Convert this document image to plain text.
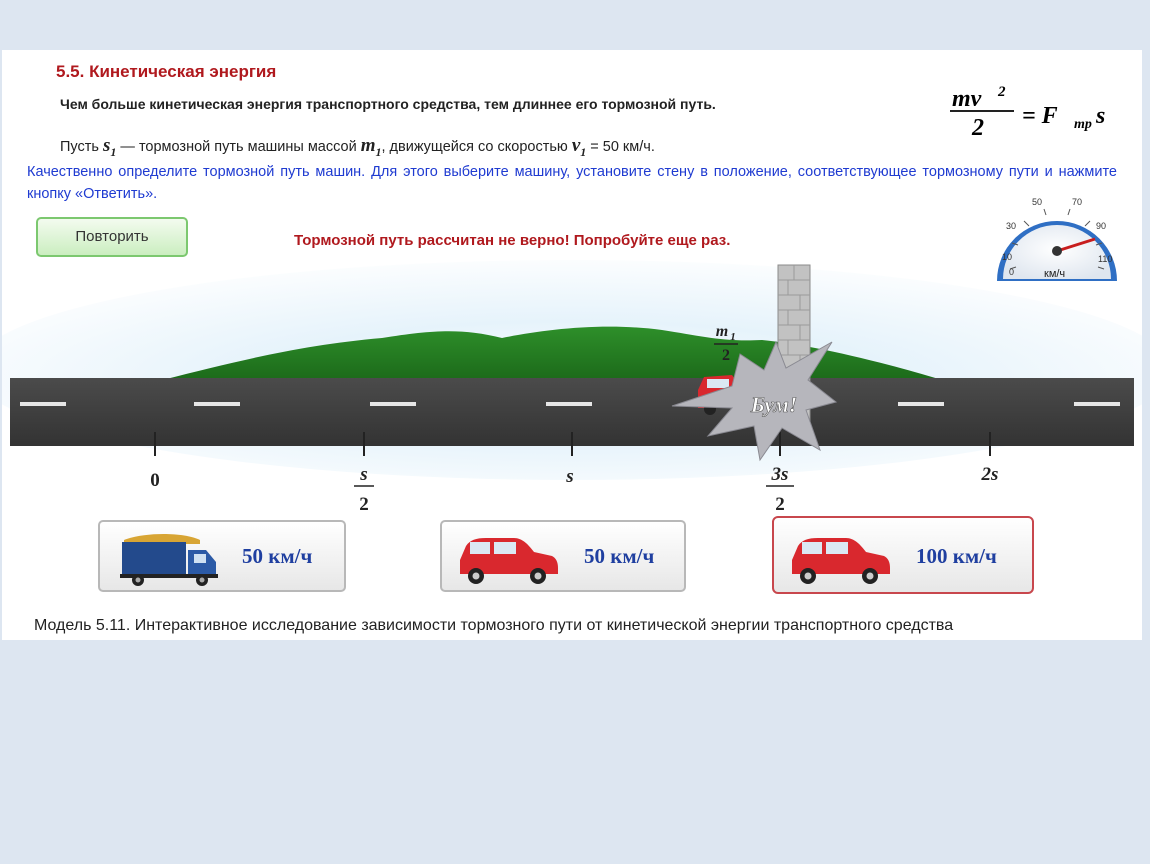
5.5. Кинетическая энергия
Чем больше кинетическая энергия транспортного средства, тем длиннее его тормозной путь.	mv 2
2 = F тр s
Пусть $s_1$ — тормозной путь машины массой $m_1$, движущейся со скоростью $v_1 = 50$ км/ч.
Качественно определите тормозной путь машин. Для этого выберите машину, установите стену в положение, соответствующее тормозному пути и нажмите кнопку «Ответить».
Повторить	Тормозной путь рассчитан не верно! Попробуйте еще раз.
0
10
30
50	70
90
110
км/ч
0	s
2
s	3s
2
2s
Бум!
m 1
2
50 км/ч	50 км/ч	100 км/ч
Модель 5.11. Интерактивное исследование зависимости тормозного пути от кинетической энергии транспортного средства
